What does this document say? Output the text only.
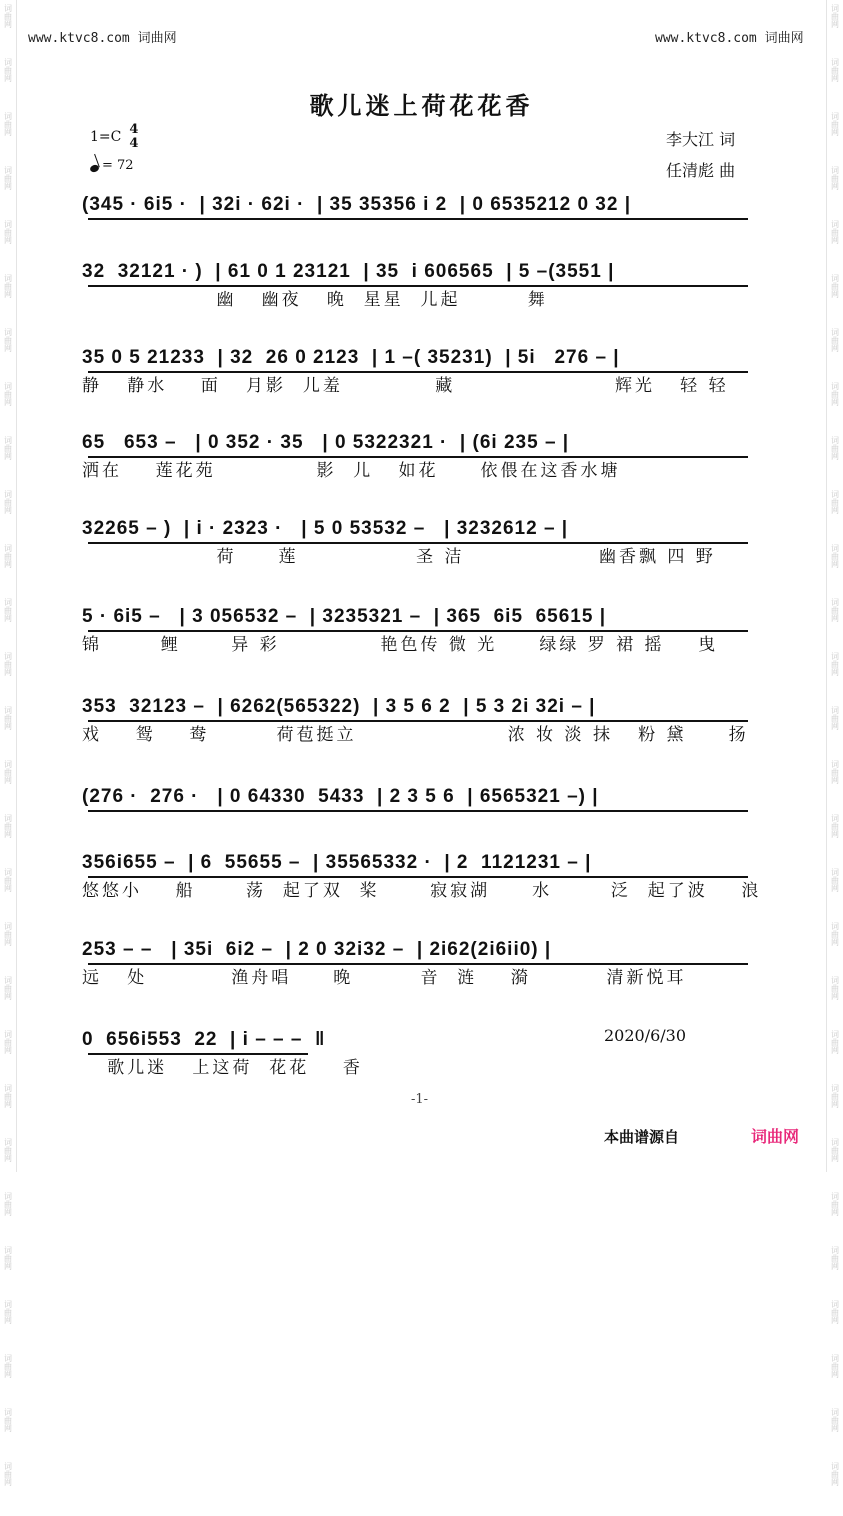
词曲网
词曲网
词曲网
词曲网
词曲网
词曲网
词曲网
词曲网
词曲网
词曲网
词曲网
词曲网
词曲网
词曲网
词曲网
词曲网
词曲网
词曲网
词曲网
词曲网
词曲网
词曲网
词曲网
词曲网
词曲网
词曲网
词曲网
词曲网
词曲网
词曲网
词曲网
词曲网
词曲网
词曲网
词曲网
词曲网
词曲网
词曲网
词曲网
词曲网
词曲网
词曲网
词曲网
词曲网
词曲网
词曲网
词曲网
词曲网
词曲网
词曲网
词曲网
词曲网
词曲网
词曲网
词曲网
词曲网
www.ktvc8.com 词曲网	www.ktvc8.com 词曲网
歌儿迷上荷花花香
1=C 4
4
= 72
李大江 词
任清彪 曲
(345 · 6i5 ·  | 32i · 62i ·  | 35 35356 i 2  | 0 6535212 0 32 |
32  32121 · )  | 61 0 1 23121  | 35  i 606565  | 5 –(3551 |
幽   幽夜   晚  星星  儿起        舞
35 0 5 21233  | 32  26 0 2123  | 1 –( 35231)  | 5i   276 – |
静   静水    面   月影  儿羞           藏                   辉光   轻 轻
65   653 –   | 0 352 · 35   | 0 5322321 ·  | (6i 235 – |
洒在    莲花苑            影  儿   如花     依偎在这香水塘
32265 – )  | i · 2323 ·   | 5 0 53532 –   | 3232612 – |
荷     莲              圣 洁                幽香飘 四 野
5 · 6i5 –   | 3 056532 –  | 3235321 –  | 365  6i5  65615 |
锦       鲤      异 彩            艳色传 微 光     绿绿 罗 裙 摇    曳
353  32123 –  | 6262(565322)  | 3 5 6 2  | 5 3 2i 32i – |
戏    鸳    鸯        荷苞挺立                  浓 妆 淡 抹   粉 黛     扬
(276 ·  276 ·   | 0 64330  5433  | 2 3 5 6  | 6565321 –) |
356i655 –  | 6  55655 –  | 35565332 ·  | 2  1121231 – |
悠悠小    船      荡  起了双  桨      寂寂湖     水       泛  起了波    浪
253 – –   | 35i  6i2 –  | 2 0 32i32 –  | 2i62(2i6ii0) |
远   处          渔舟唱     晚        音  涟    漪         清新悦耳
0  656i553  22  | i – – –  ‖
歌儿迷   上这荷  花花    香
2020/6/30
-1-
本曲谱源自	词曲网
